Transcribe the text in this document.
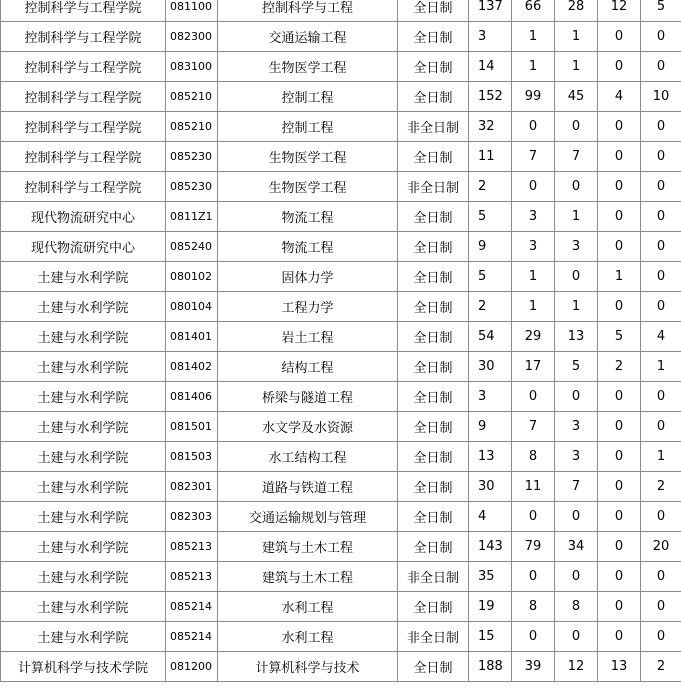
控制科学与工程学院	081100	控制科学与工程	全日制	137	66	28	12	5
控制科学与工程学院	082300	交通运输工程	全日制	3	1	1	0	0
控制科学与工程学院	083100	生物医学工程	全日制	14	1	1	0	0
控制科学与工程学院	085210	控制工程	全日制	152	99	45	4	10
控制科学与工程学院	085210	控制工程	非全日制	32	0	0	0	0
控制科学与工程学院	085230	生物医学工程	全日制	11	7	7	0	0
控制科学与工程学院	085230	生物医学工程	非全日制	2	0	0	0	0
现代物流研究中心	0811Z1	物流工程	全日制	5	3	1	0	0
现代物流研究中心	085240	物流工程	全日制	9	3	3	0	0
土建与水利学院	080102	固体力学	全日制	5	1	0	1	0
土建与水利学院	080104	工程力学	全日制	2	1	1	0	0
土建与水利学院	081401	岩土工程	全日制	54	29	13	5	4
土建与水利学院	081402	结构工程	全日制	30	17	5	2	1
土建与水利学院	081406	桥梁与隧道工程	全日制	3	0	0	0	0
土建与水利学院	081501	水文学及水资源	全日制	9	7	3	0	0
土建与水利学院	081503	水工结构工程	全日制	13	8	3	0	1
土建与水利学院	082301	道路与铁道工程	全日制	30	11	7	0	2
土建与水利学院	082303	交通运输规划与管理	全日制	4	0	0	0	0
土建与水利学院	085213	建筑与土木工程	全日制	143	79	34	0	20
土建与水利学院	085213	建筑与土木工程	非全日制	35	0	0	0	0
土建与水利学院	085214	水利工程	全日制	19	8	8	0	0
土建与水利学院	085214	水利工程	非全日制	15	0	0	0	0
计算机科学与技术学院	081200	计算机科学与技术	全日制	188	39	12	13	2
